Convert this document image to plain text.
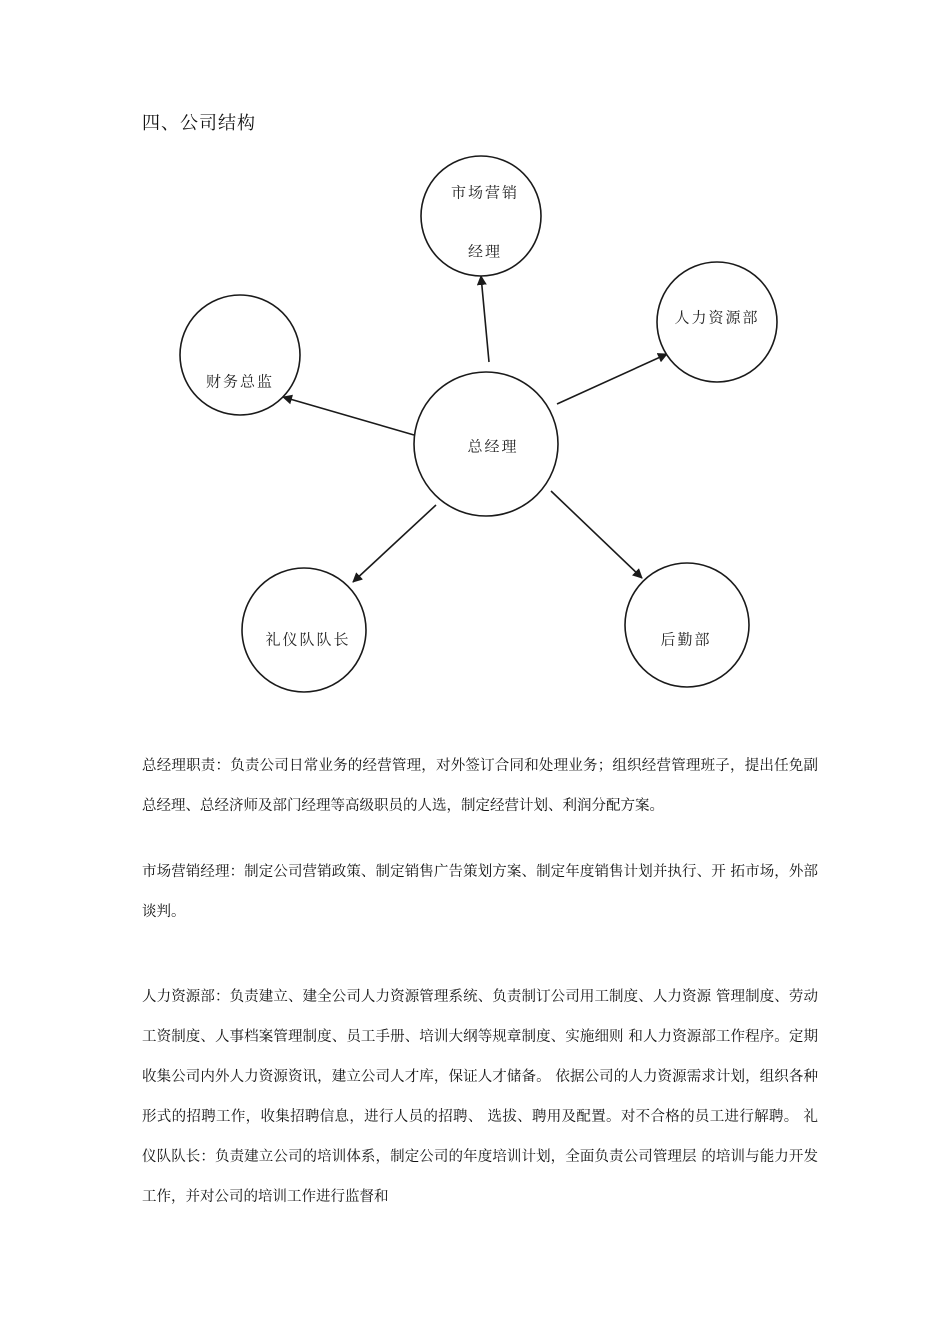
四、公司结构
市场营销
经理
人力资源部
财务总监
总经理
礼仪队队长	后勤部

总经理职责：负责公司日常业务的经营管理，对外签订合同和处理业务；组织经营管理班子，提出任免副总经理、总经济师及部门经理等高级职员的人选，制定经营计划、利润分配方案。

市场营销经理：制定公司营销政策、制定销售广告策划方案、制定年度销售计划并执行、开 拓市场，外部谈判。

人力资源部：负责建立、建全公司人力资源管理系统、负责制订公司用工制度、人力资源 管理制度、劳动工资制度、人事档案管理制度、员工手册、培训大纲等规章制度、实施细则 和人力资源部工作程序。定期收集公司内外人力资源资讯，建立公司人才库，保证人才储备。 依据公司的人力资源需求计划，组织各种形式的招聘工作，收集招聘信息，进行人员的招聘、 选拔、聘用及配置。对不合格的员工进行解聘。 礼仪队队长：负责建立公司的培训体系，制定公司的年度培训计划，全面负责公司管理层 的培训与能力开发工作，并对公司的培训工作进行监督和
